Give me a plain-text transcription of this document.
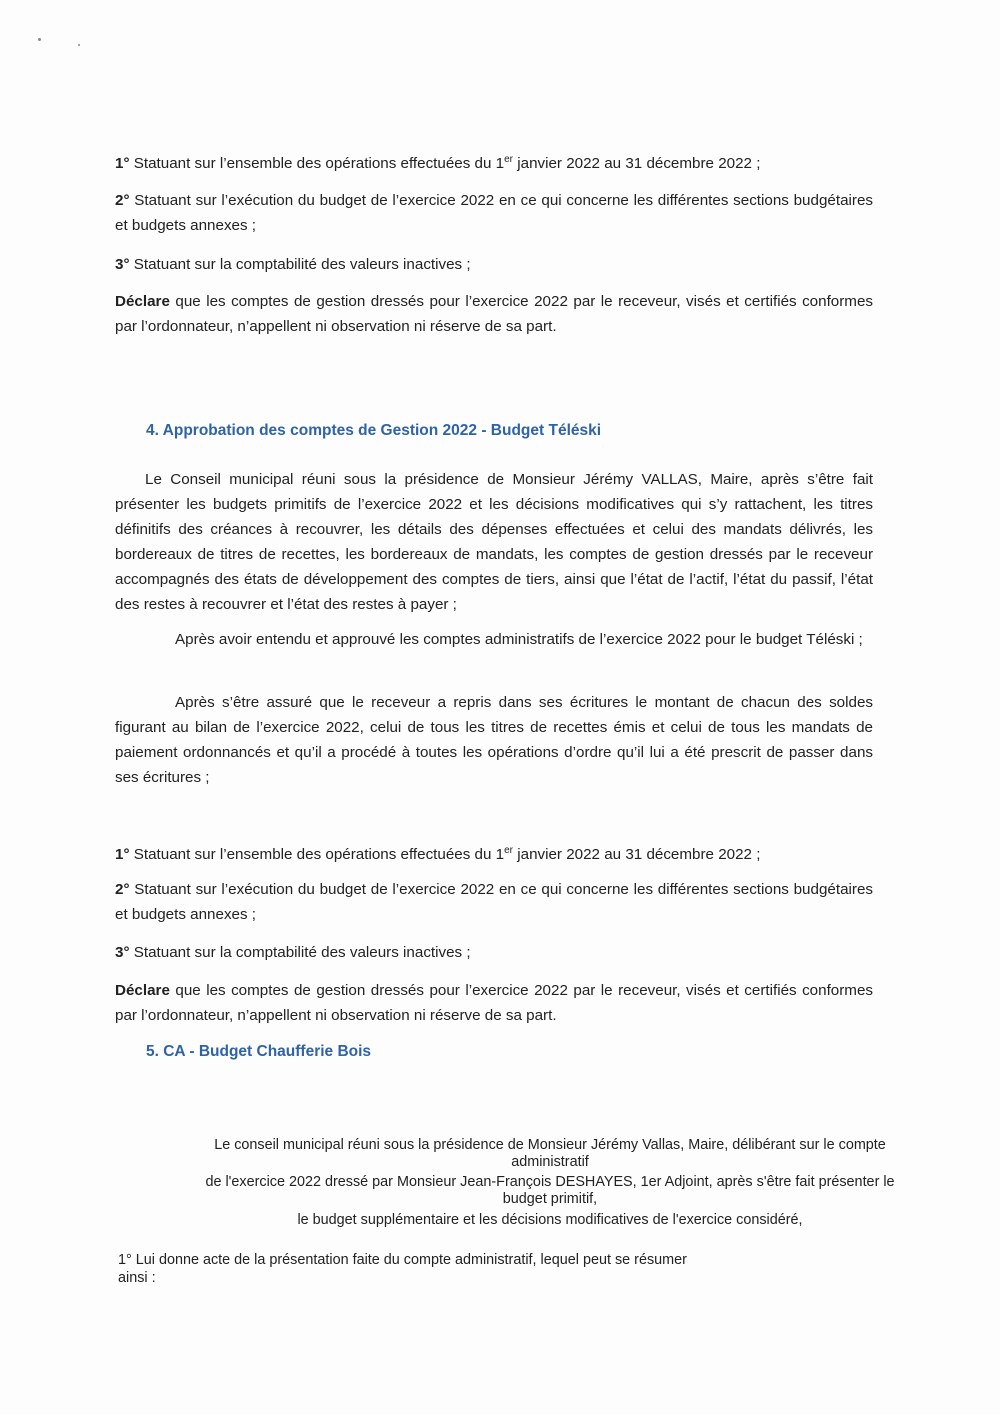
1° Statuant sur l’ensemble des opérations effectuées du 1er janvier 2022 au 31 décembre 2022 ;

2° Statuant sur l’exécution du budget de l’exercice 2022 en ce qui concerne les différentes sections budgétaires et budgets annexes ;

3° Statuant sur la comptabilité des valeurs inactives ;

Déclare que les comptes de gestion dressés pour l’exercice 2022 par le receveur, visés et certifiés conformes par l’ordonnateur, n’appellent ni observation ni réserve de sa part.

4. Approbation des comptes de Gestion 2022 - Budget Téléski

Le Conseil municipal réuni sous la présidence de Monsieur Jérémy VALLAS, Maire, après s’être fait présenter les budgets primitifs de l’exercice 2022 et les décisions modificatives qui s’y rattachent, les titres définitifs des créances à recouvrer, les détails des dépenses effectuées et celui des mandats délivrés, les bordereaux de titres de recettes, les bordereaux de mandats, les comptes de gestion dressés par le receveur accompagnés des états de développement des comptes de tiers, ainsi que l’état de l’actif, l’état du passif, l’état des restes à recouvrer et l’état des restes à payer ;

Après avoir entendu et approuvé les comptes administratifs de l’exercice 2022 pour le budget Téléski ;

Après s’être assuré que le receveur a repris dans ses écritures le montant de chacun des soldes figurant au bilan de l’exercice 2022, celui de tous les titres de recettes émis et celui de tous les mandats de paiement ordonnancés et qu’il a procédé à toutes les opérations d’ordre qu’il lui a été prescrit de passer dans ses écritures ;

1° Statuant sur l’ensemble des opérations effectuées du 1er janvier 2022 au 31 décembre 2022 ;

2° Statuant sur l’exécution du budget de l’exercice 2022 en ce qui concerne les différentes sections budgétaires et budgets annexes ;

3° Statuant sur la comptabilité des valeurs inactives ;

Déclare que les comptes de gestion dressés pour l’exercice 2022 par le receveur, visés et certifiés conformes par l’ordonnateur, n’appellent ni observation ni réserve de sa part.

5. CA - Budget Chaufferie Bois

Le conseil municipal réuni sous la présidence de Monsieur Jérémy Vallas, Maire, délibérant sur le compte

administratif

de l'exercice 2022 dressé par Monsieur Jean-François DESHAYES, 1er Adjoint, après s'être fait présenter le

budget primitif,

le budget supplémentaire et les décisions modificatives de l'exercice considéré,

1° Lui donne acte de la présentation faite du compte administratif, lequel peut se résumer

ainsi :
